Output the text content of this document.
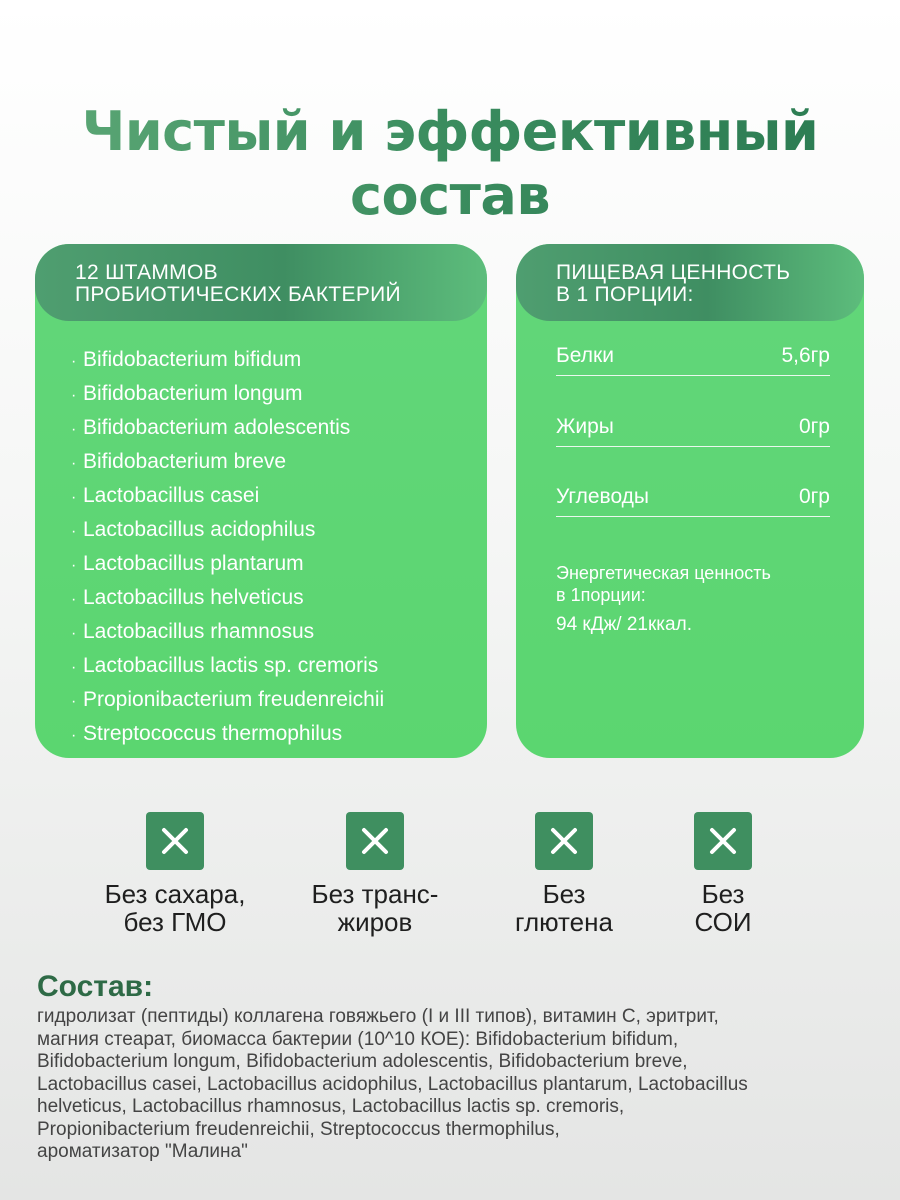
Чистый и эффективный
состав
12 ШТАММОВ
ПРОБИОТИЧЕСКИХ БАКТЕРИЙ
· Bifidobacterium bifidum
· Bifidobacterium longum
· Bifidobacterium adolescentis
· Bifidobacterium breve
· Lactobacillus casei
· Lactobacillus acidophilus
· Lactobacillus plantarum
· Lactobacillus helveticus
· Lactobacillus rhamnosus
· Lactobacillus lactis sp. cremoris
· Propionibacterium freudenreichii
· Streptococcus thermophilus
ПИЩЕВАЯ ЦЕННОСТЬ
В 1 ПОРЦИИ:
Белки	5,6гр
Жиры	0гр
Углеводы	0гр
Энергетическая ценность
в 1порции:
94 кДж/ 21ккал.
Без сахара,
без ГМО
Без транс-
жиров
Без
глютена
Без
СОИ
Состав:

гидролизат (пептиды) коллагена говяжьего (I и III типов), витамин С, эритрит,
магния стеарат, биомасса бактерии (10^10 КОЕ): Bifidobacterium bifidum,
Bifidobacterium longum, Bifidobacterium adolescentis, Bifidobacterium breve,
Lactobacillus casei, Lactobacillus acidophilus, Lactobacillus plantarum, Lactobacillus
helveticus, Lactobacillus rhamnosus, Lactobacillus lactis sp. cremoris,
Propionibacterium freudenreichii, Streptococcus thermophilus,
ароматизатор "Малина"
